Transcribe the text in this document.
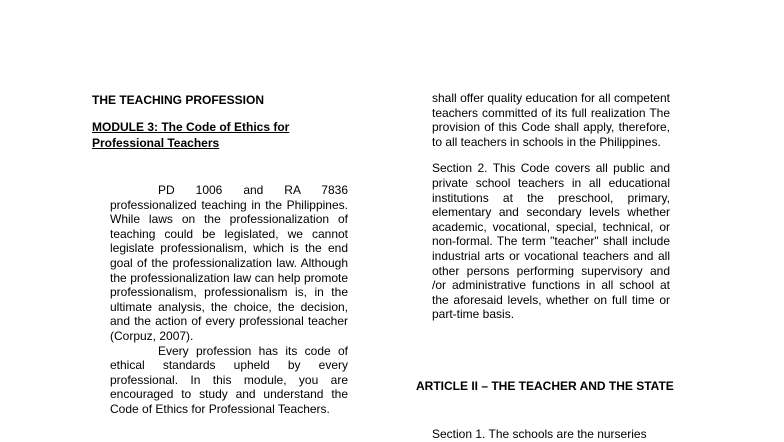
THE TEACHING PROFESSION
MODULE 3: The Code of Ethics for Professional Teachers
PD 1006 and RA 7836 professionalized teaching in the Philippines. While laws on the professionalization of teaching could be legislated, we cannot legislate professionalism, which is the end goal of the professionalization law. Although the professionalization law can help promote professionalism, professionalism is, in the ultimate analysis, the choice, the decision, and the action of every professional teacher (Corpuz, 2007).
Every profession has its code of ethical standards upheld by every professional. In this module, you are encouraged to study and understand the Code of Ethics for Professional Teachers.
shall offer quality education for all competent teachers committed of its full realization The provision of this Code shall apply, therefore, to all teachers in schools in the Philippines.
Section 2. This Code covers all public and private school teachers in all educational institutions at the preschool, primary, elementary and secondary levels whether academic, vocational, special, technical, or non-formal. The term "teacher" shall include industrial arts or vocational teachers and all other persons performing supervisory and /or administrative functions in all school at the aforesaid levels, whether on full time or part-time basis.
ARTICLE II – THE TEACHER AND THE STATE
Section 1. The schools are the nurseries
